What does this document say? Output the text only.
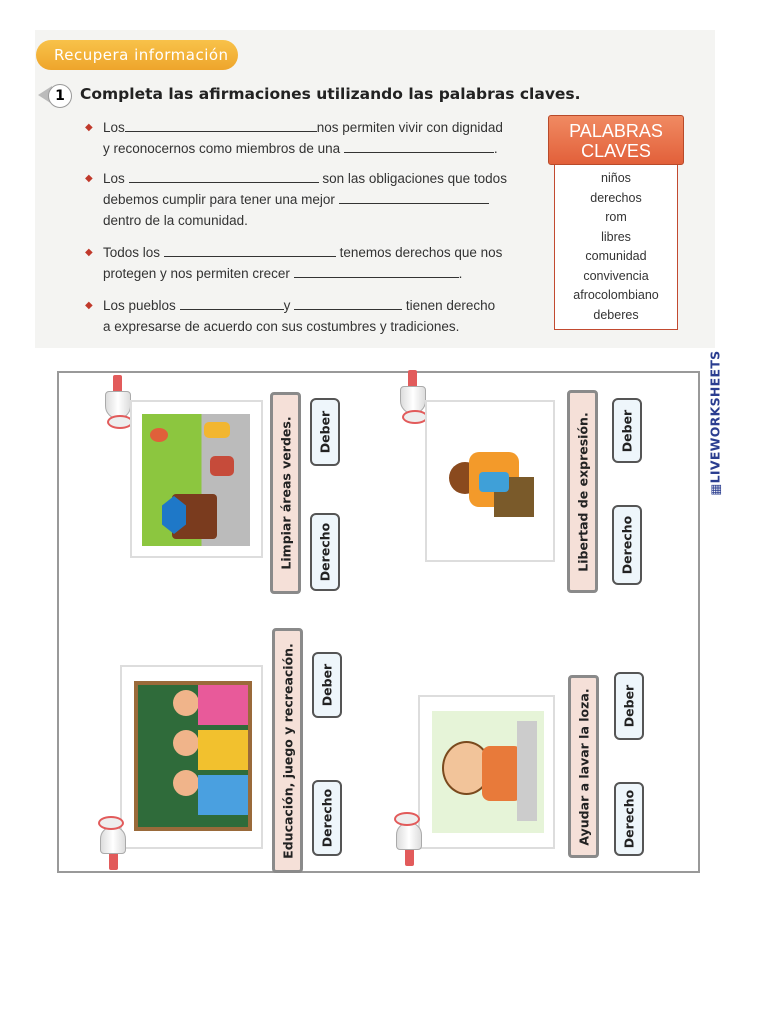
Recupera información
1 Completa las afirmaciones utilizando las palabras claves.
◆ Los	nos permiten vivir con dignidad
y reconocernos como miembros de una	.
◆ Los	son las obligaciones que todos
debemos cumplir para tener una mejor
dentro de la comunidad.
◆ Todos los	tenemos derechos que nos
protegen y nos permiten crecer	.
◆ Los pueblos	y	tienen derecho
a expresarse de acuerdo con sus costumbres y tradiciones.
PALABRAS
CLAVES
niños
derechos
rom
libres
comunidad
convivencia
afrocolombiano
deberes
▦LIVEWORKSHEETS
Limpiar áreas verdes. Deber
Derecho	Libertad de expresión. Deber
Derecho
Educación, juego y recreación. Deber
Derecho	Ayudar a lavar la loza. Deber
Derecho
